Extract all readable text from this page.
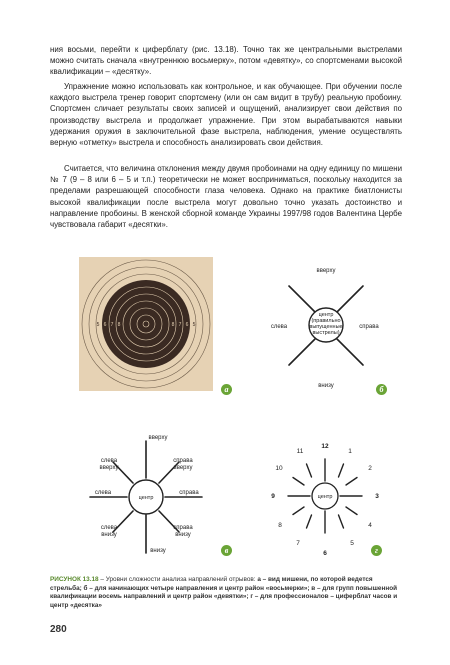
ния восьми, перейти к циферблату (рис. 13.18). Точно так же центральными выстрелами можно считать сначала «внутреннюю восьмерку», потом «девятку», со спортсменами высокой квалификации – «десятку».

Упражнение можно использовать как контрольное, и как обучающее. При обучении после каждого выстрела тренер говорит спортсмену (или он сам видит в трубу) реальную пробоину. Спортсмен сличает результаты своих записей и ощущений, анализирует свои действия по производству выстрела и продолжает упражнение. При этом вырабатываются навыки удержания оружия в заключительной фазе выстрела, наблюдения, умение осуществлять верную «отметку» выстрела и способность анализировать свои действия.

Считается, что величина отклонения между двумя пробоинами на одну единицу по мишени № 7 (9 – 8 или 6 – 5 и т.п.) теоретически не может восприниматься, поскольку находится за пределами разрешающей способности глаза человека. Однако на практике биатлонисты высокой квалификации после выстрела могут довольно точно указать достоинство и направление пробоины. В женской сборной команде Украины 1997/98 годов Валентина Цербе чувствовала габарит «десятки».

8
7
6	8 7 6
5	5
а
центр
(правильно
выпущенные
выстрелы)
вверху
внизу
слева	справа
б
центр
вверху
внизу
слева	справа
слева
вверху
справа
вверху
слева
внизу
справа
внизу
в
центр
12
1
2
3
4
5
6
7
8
9
10
11
г
РИСУНОК 13.18 – Уровни сложности анализа направлений отрывов: а – вид мишени, по которой ведется стрельба; б – для начинающих четыре направления и центр район «восьмерки»; в – для групп повышенной квалификации восемь направлений и центр район «девятки»; г – для профессионалов – циферблат часов и центр «десятка»
280
